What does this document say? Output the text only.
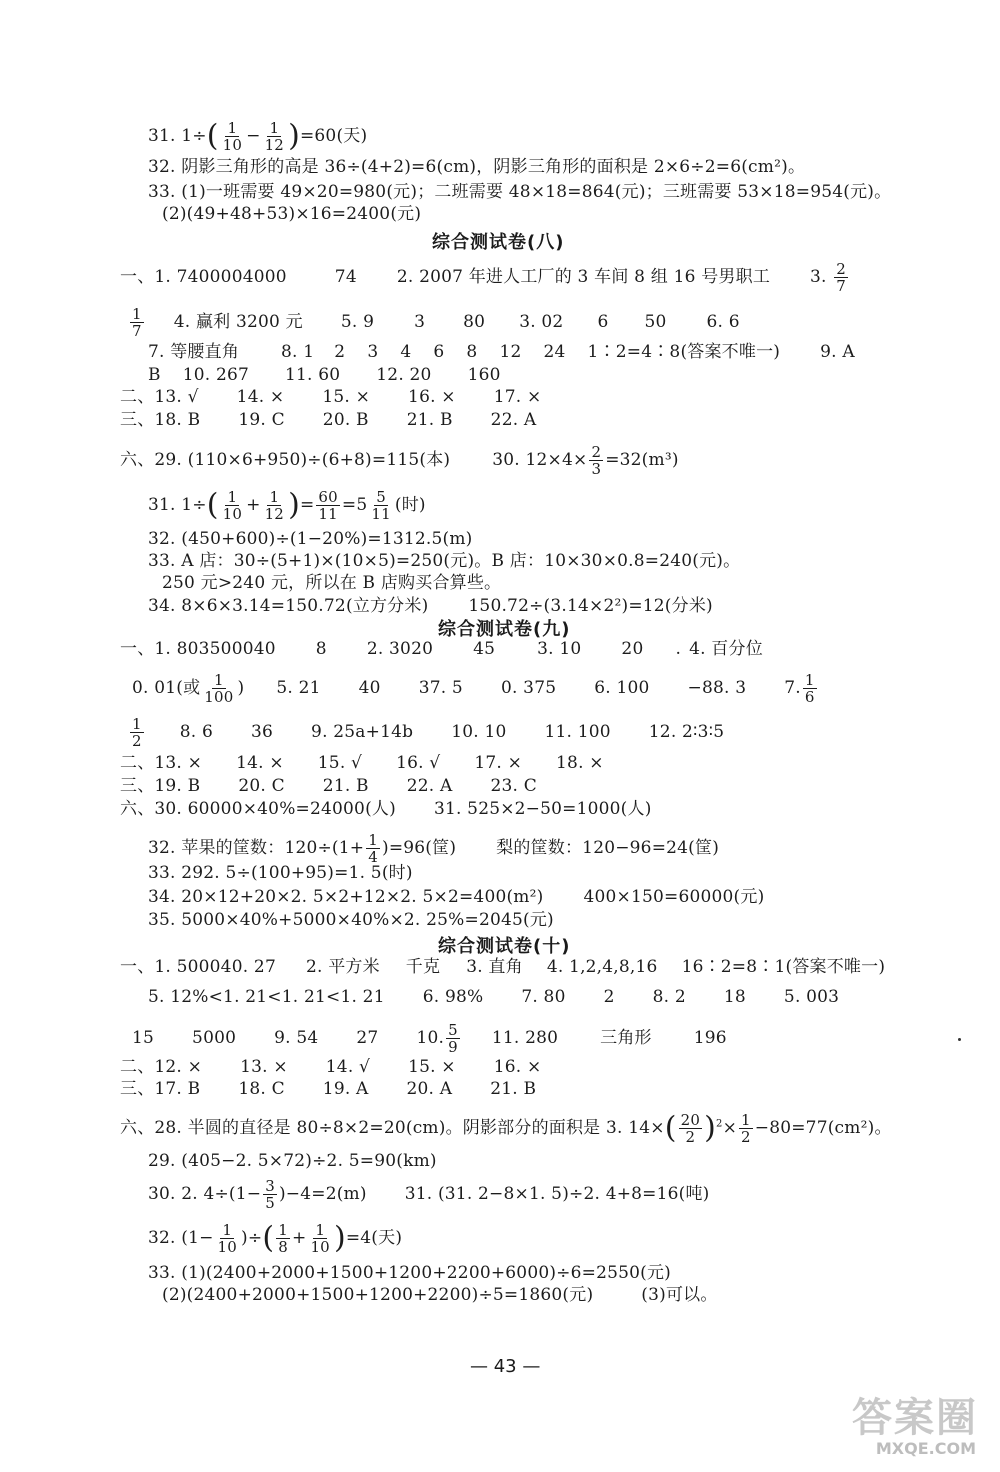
31. $1\div( \frac{1}{10} - \frac{1}{12} )=60$(天)
32. 阴影三角形的高是 36÷(4+2)=6(cm)，阴影三角形的面积是 2×6÷2=6(cm²)。
33. (1)一班需要 49×20=980(元)；二班需要 48×18=864(元)；三班需要 53×18=954(元)。
(2)(49+48+53)×16=2400(元)
综合测试卷(八)
一、1. 7400004000	74 2. 2007 年进人工厂的 3 车间 8 组 16 号男职工 3. $\frac{2}{7}$
$\frac{1}{7} 4$. 赢利 3200 元 5. 9 3 80 3. 02 6 50 6. 6
7. 等腰直角 8. 1 2 3 4 6 8 12 24 1∶2=4∶8(答案不唯一) 9. A
B 10. 267 11. 60 12. 20 160
二、13. √ 14. × 15. × 16. × 17. ×
三、18. B 19. C 20. B 21. B 22. A
六、29. (110×6+950)÷(6+8)=115(本) 30. $12\times 4\times \frac{2}{3} =32(m^3)$
31. $1\div( \frac{1}{10} + \frac{1}{12}$ )= $\frac{60}{11} =5 \frac{5}{11}$ (时)
32. (450+600)÷(1−20%)=1312.5(m)
33. A 店：30÷(5+1)×(10×5)=250(元)。B 店：10×30×0.8=240(元)。
250 元>240 元，所以在 B 店购买合算些。
34. 8×6×3.14=150.72(立方分米) 150.72÷(3.14×2²)=12(分米)
综合测试卷(九)
一、1. 803500040 8 2. 3020 45 3. 10 20 . 4. 百分位
0. 01(或 $\frac{1}{100}$ ) 5. 21 40 37. 5 0. 375 6. 100 −88. 3 7. $\frac{1}{6}$
$\frac{1}{2} 8$. 6 36 9. 25a+14b 10. 10 11. 100 12. 2∶3∶5
二、13. × 14. × 15. √ 16. √ 17. × 18. ×
三、19. B 20. C 21. B 22. A 23. C
六、30. 60000×40%=24000(人) 31. 525×2−50=1000(人)
32. 苹果的筐数：$120\div(1+ \frac{1}{4} )=96$(筐) 梨的筐数：120−96=24(筐)
33. 292. 5÷(100+95)=1. 5(时)
34. 20×12+20×2. 5×2+12×2. 5×2=400(m²) 400×150=60000(元)
35. 5000×40%+5000×40%×2. 25%=2045(元)
综合测试卷(十)
一、1. 500040. 27 2. 平方米 千克 3. 直角 4. 1,2,4,8,16 16∶2=8∶1(答案不唯一)
5. 12%<1. 21<1. 21<1. 21 6. 98% 7. 80 2 8. 2 18 5. 003
15 5000 9. 54 27 10. $\frac{5}{9} 11$. 280 三角形 196
二、12. × 13. × 14. √ 15. × 16. ×
三、17. B 18. C 19. A 20. A 21. B
六、28. 半圆的直径是 80÷8×2=20(cm)。阴影部分的面积是 3. $14\times( \frac{20}{2} )^2\times \frac{1}{2} -80=77(cm^2)$。
29. (405−2. 5×72)÷2. 5=90(km)
30. 2. $4\div(1- \frac{3}{5} )-4=2(m)$ 31. (31. 2−8×1. 5)÷2. 4+8=16(吨)
32. ($1- \frac{1}{10}$ )÷( $\frac{1}{8} + \frac{1}{10} )=4$(天)
33. (1)(2400+2000+1500+1200+2200+6000)÷6=2550(元)
(2)(2400+2000+1500+1200+2200)÷5=1860(元)	(3)可以。
— 43 —
答案圈
MXQE.COM
